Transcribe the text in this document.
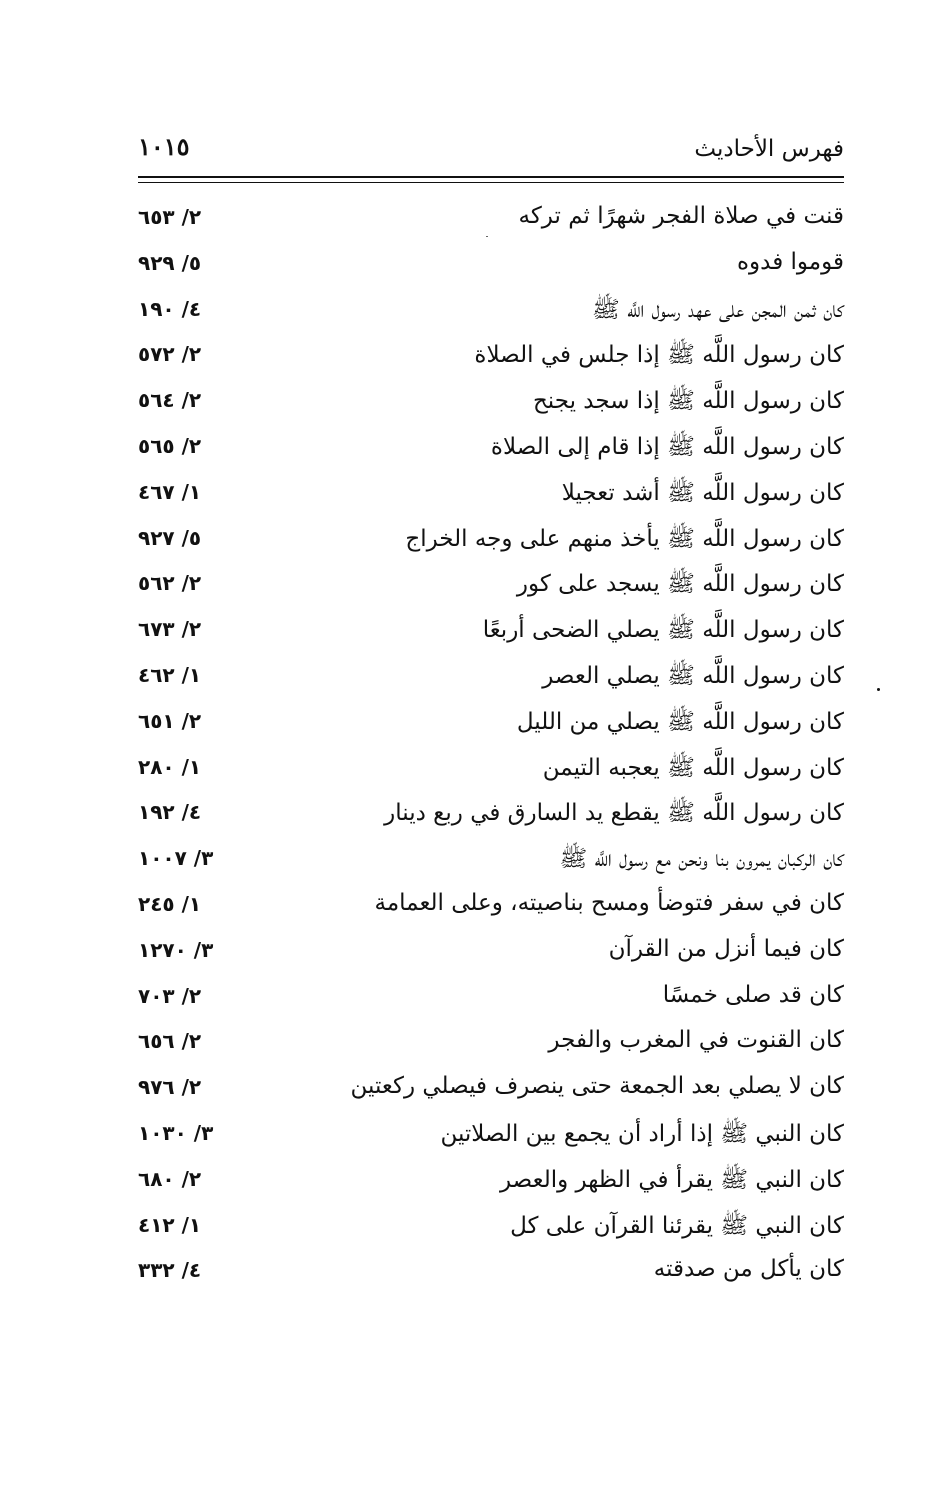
فهرس الأحاديث
١٠١٥
قنت في صلاة الفجر شهرًا ثم تركه
٢/ ٦٥٣
قوموا فدوه
٥/ ٩٢٩
كان ثمن المجن على عهد رسول اللَّه ﷺ
٤/ ١٩٠
كان رسول اللَّه ﷺ إذا جلس في الصلاة
٢/ ٥٧٢
كان رسول اللَّه ﷺ إذا سجد يجنح
٢/ ٥٦٤
كان رسول اللَّه ﷺ إذا قام إلى الصلاة
٢/ ٥٦٥
كان رسول اللَّه ﷺ أشد تعجيلا
١/ ٤٦٧
كان رسول اللَّه ﷺ يأخذ منهم على وجه الخراج
٥/ ٩٢٧
كان رسول اللَّه ﷺ يسجد على كور
٢/ ٥٦٢
كان رسول اللَّه ﷺ يصلي الضحى أربعًا
٢/ ٦٧٣
كان رسول اللَّه ﷺ يصلي العصر
١/ ٤٦٢
كان رسول اللَّه ﷺ يصلي من الليل
٢/ ٦٥١
كان رسول اللَّه ﷺ يعجبه التيمن
١/ ٢٨٠
كان رسول اللَّه ﷺ يقطع يد السارق في ربع دينار
٤/ ١٩٢
كان الركبان يمرون بنا ونحن مع رسول اللَّه ﷺ
٣/ ١٠٠٧
كان في سفر فتوضأ ومسح بناصيته، وعلى العمامة
١/ ٢٤٥
كان فيما أنزل من القرآن
٣/ ١٢٧٠
كان قد صلى خمسًا
٢/ ٧٠٣
كان القنوت في المغرب والفجر
٢/ ٦٥٦
كان لا يصلي بعد الجمعة حتى ينصرف فيصلي ركعتين
٢/ ٩٧٦
كان النبي ﷺ إذا أراد أن يجمع بين الصلاتين
٣/ ١٠٣٠
كان النبي ﷺ يقرأ في الظهر والعصر
٢/ ٦٨٠
كان النبي ﷺ يقرئنا القرآن على كل
١/ ٤١٢
كان يأكل من صدقته
٤/ ٣٣٢
